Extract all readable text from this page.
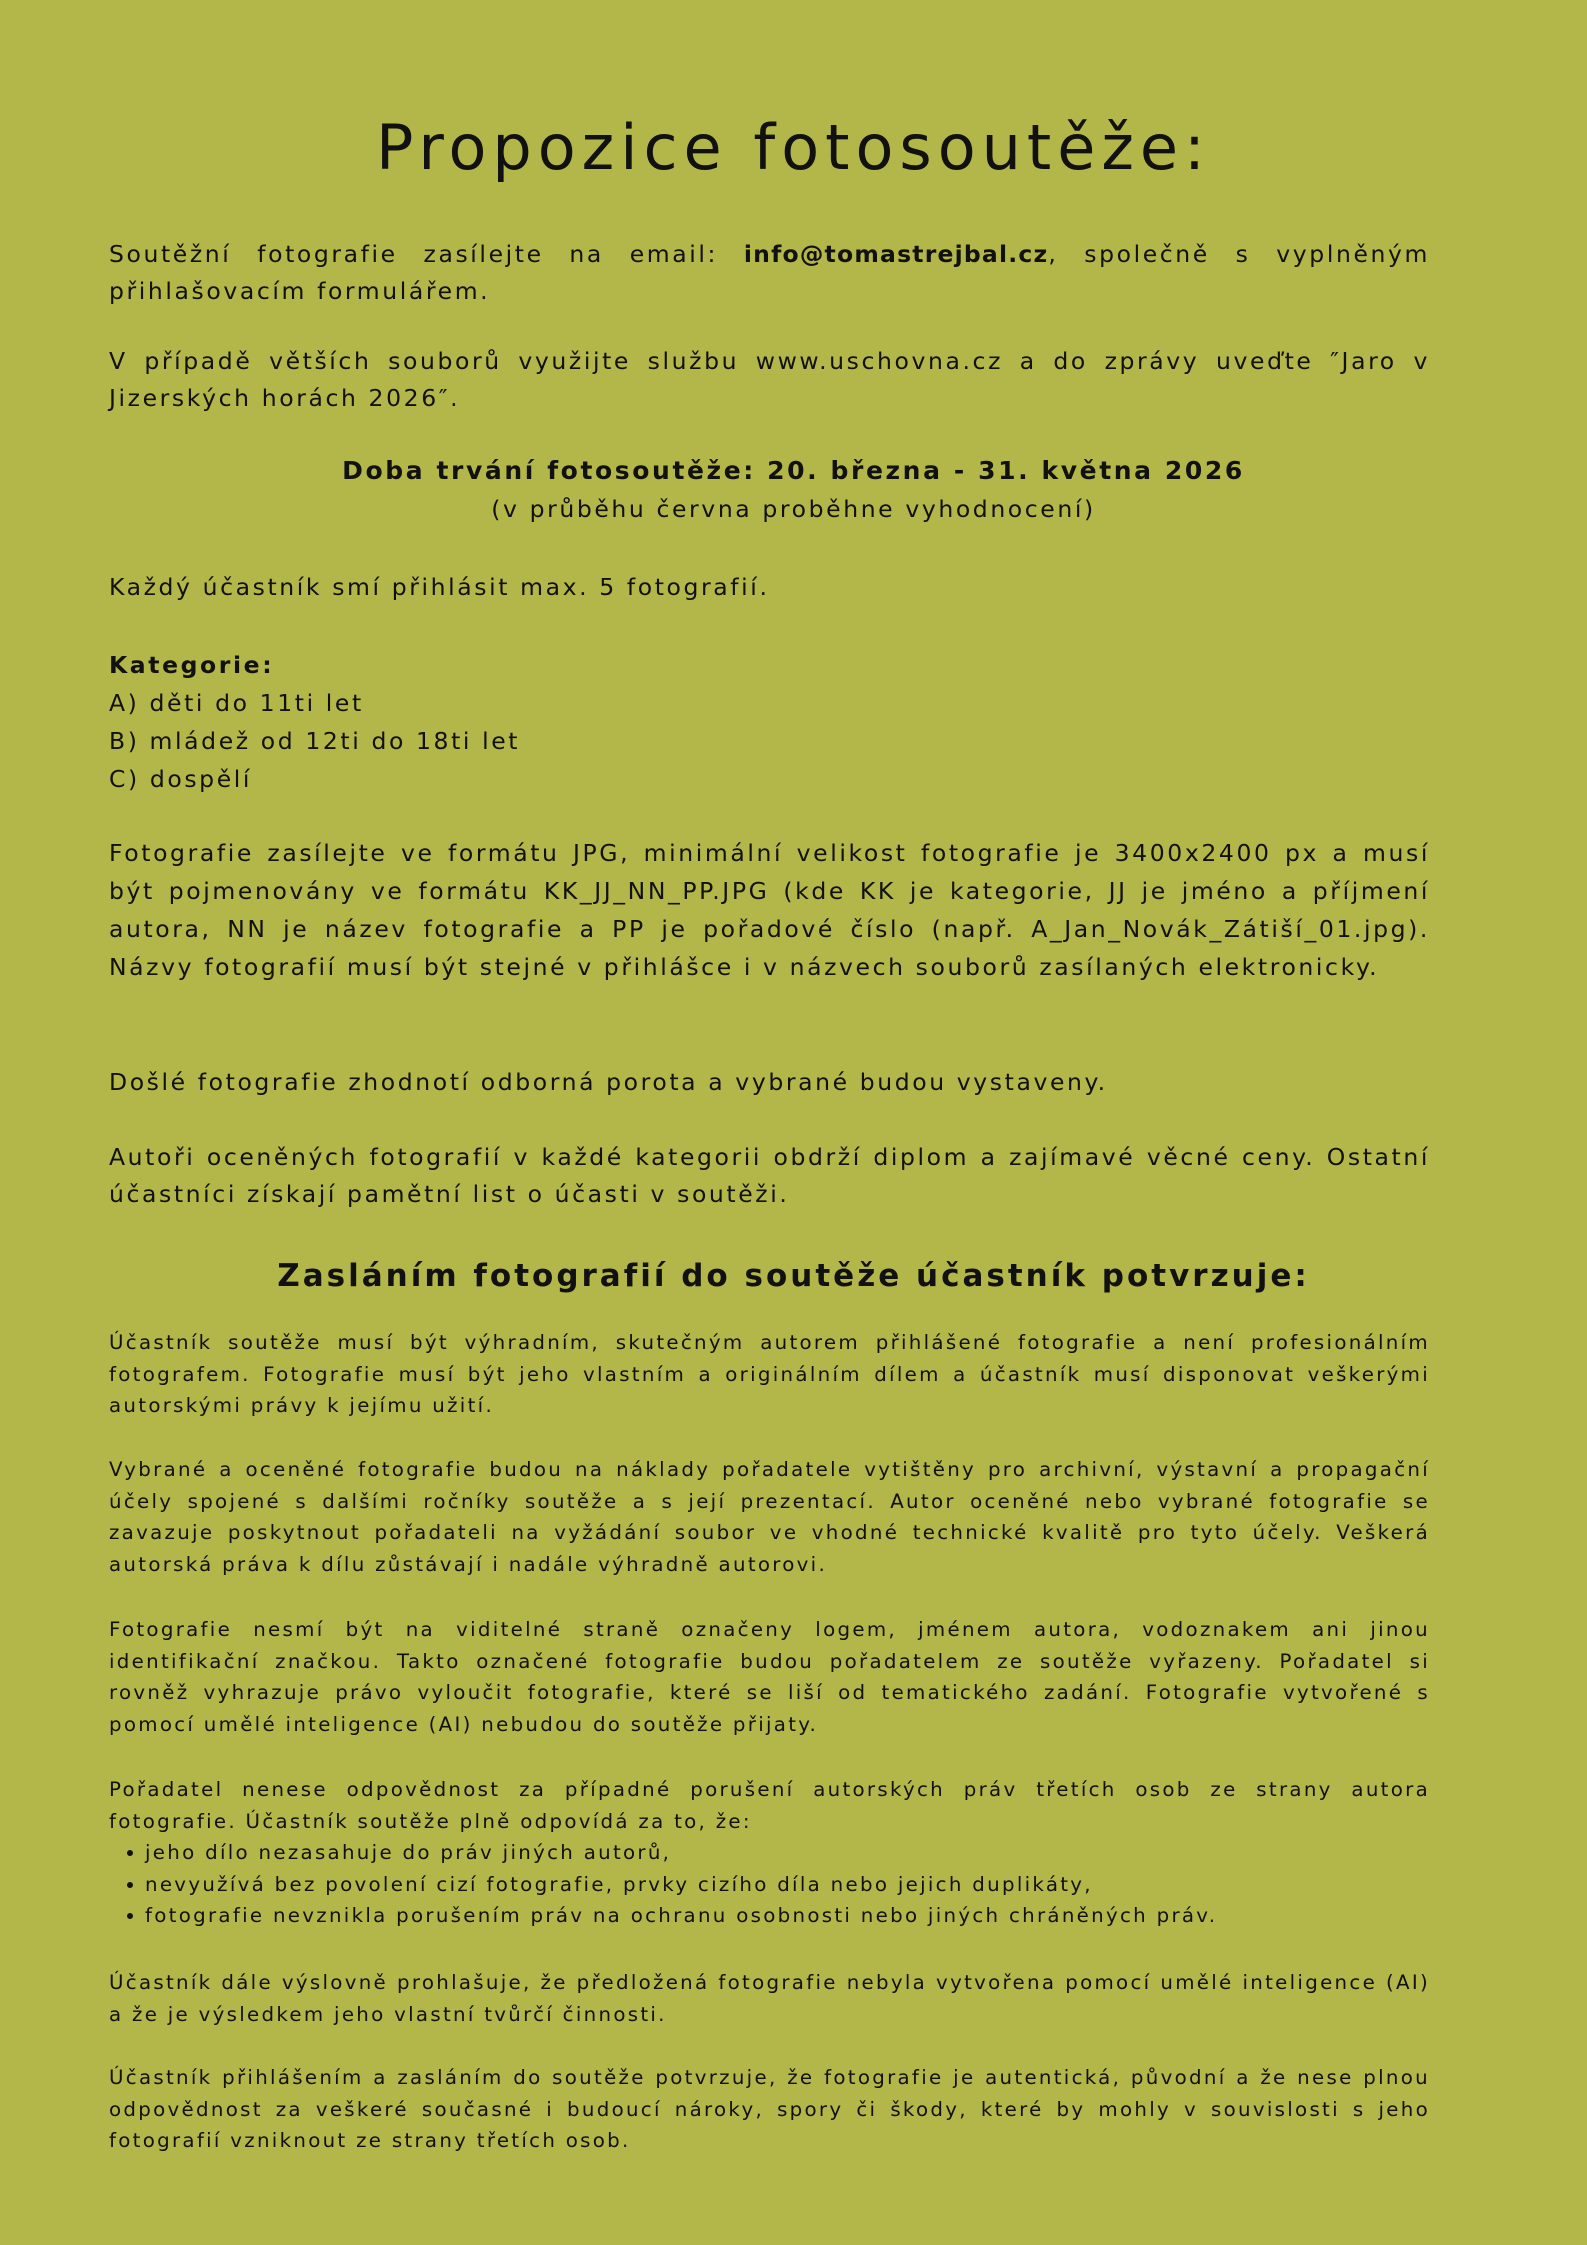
Propozice fotosoutěže:

Soutěžní fotografie zasílejte na email: info@tomastrejbal.cz, společně s vyplněným přihlašovacím formulářem.

V případě větších souborů využijte službu www.uschovna.cz a do zprávy uveďte ″Jaro v Jizerských horách 2026″.

Doba trvání fotosoutěže: 20. března - 31. května 2026

(v průběhu června proběhne vyhodnocení)

Každý účastník smí přihlásit max. 5 fotografií.

Kategorie:
A) děti do 11ti let
B) mládež od 12ti do 18ti let
C) dospělí

Fotografie zasílejte ve formátu JPG, minimální velikost fotografie je 3400x2400 px a musí být pojmenovány ve formátu KK_JJ_NN_PP.JPG (kde KK je kategorie, JJ je jméno a příjmení autora, NN je název fotografie a PP je pořadové číslo (např. A_Jan_Novák_Zátiší_01.jpg). Názvy fotografií musí být stejné v přihlášce i v názvech souborů zasílaných elektronicky.

Došlé fotografie zhodnotí odborná porota a vybrané budou vystaveny.

Autoři oceněných fotografií v každé kategorii obdrží diplom a zajímavé věcné ceny. Ostatní účastníci získají pamětní list o účasti v soutěži.

Zasláním fotografií do soutěže účastník potvrzuje:

Účastník soutěže musí být výhradním, skutečným autorem přihlášené fotografie a není profesionálním fotografem. Fotografie musí být jeho vlastním a originálním dílem a účastník musí disponovat veškerými autorskými právy k jejímu užití.

Vybrané a oceněné fotografie budou na náklady pořadatele vytištěny pro archivní, výstavní a propagační účely spojené s dalšími ročníky soutěže a s její prezentací. Autor oceněné nebo vybrané fotografie se zavazuje poskytnout pořadateli na vyžádání soubor ve vhodné technické kvalitě pro tyto účely. Veškerá autorská práva k dílu zůstávají i nadále výhradně autorovi.

Fotografie nesmí být na viditelné straně označeny logem, jménem autora, vodoznakem ani jinou identifikační značkou. Takto označené fotografie budou pořadatelem ze soutěže vyřazeny. Pořadatel si rovněž vyhrazuje právo vyloučit fotografie, které se liší od tematického zadání. Fotografie vytvořené s pomocí umělé inteligence (AI) nebudou do soutěže přijaty.

Pořadatel nenese odpovědnost za případné porušení autorských práv třetích osob ze strany autora fotografie. Účastník soutěže plně odpovídá za to, že:

jeho dílo nezasahuje do práv jiných autorů,
nevyužívá bez povolení cizí fotografie, prvky cizího díla nebo jejich duplikáty,
fotografie nevznikla porušením práv na ochranu osobnosti nebo jiných chráněných práv.

Účastník dále výslovně prohlašuje, že předložená fotografie nebyla vytvořena pomocí umělé inteligence (AI) a že je výsledkem jeho vlastní tvůrčí činnosti.

Účastník přihlášením a zasláním do soutěže potvrzuje, že fotografie je autentická, původní a že nese plnou odpovědnost za veškeré současné i budoucí nároky, spory či škody, které by mohly v souvislosti s jeho fotografií vzniknout ze strany třetích osob.
